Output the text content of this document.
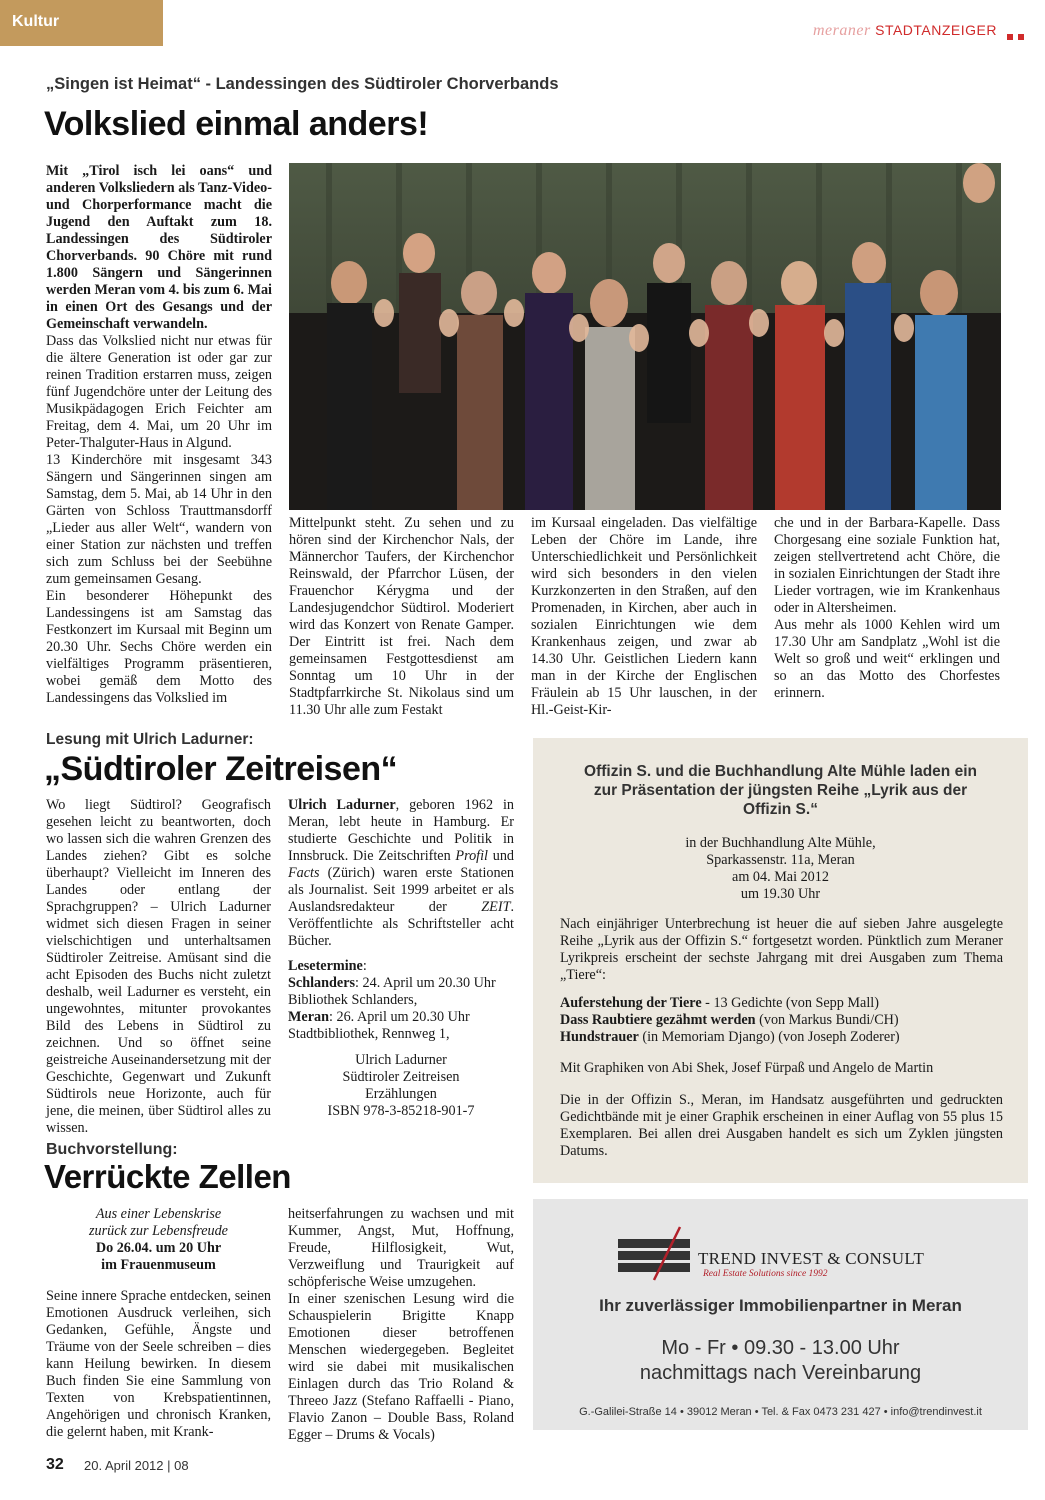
Kultur
meraner STADTANZEIGER
„Singen ist Heimat“ - Landessingen des Südtiroler Chorverbands
Volkslied einmal anders!

Mit „Tirol isch lei oans“ und anderen Volksliedern als Tanz-Video- und Chorperformance macht die Jugend den Auftakt zum 18. Landessingen des Südtiroler Chorverbands. 90 Chöre mit rund 1.800 Sängern und Sängerinnen werden Meran vom 4. bis zum 6. Mai in einen Ort des Gesangs und der Gemeinschaft verwandeln.

Dass das Volkslied nicht nur etwas für die ältere Generation ist oder gar zur reinen Tradition erstarren muss, zeigen fünf Jugendchöre unter der Leitung des Musikpädagogen Erich Feichter am Freitag, dem 4. Mai, um 20 Uhr im Peter-Thalguter-Haus in Algund.

13 Kinderchöre mit insgesamt 343 Sängern und Sängerinnen singen am Samstag, dem 5. Mai, ab 14 Uhr in den Gärten von Schloss Trauttmansdorff „Lieder aus aller Welt“, wandern von einer Station zur nächsten und treffen sich zum Schluss bei der Seebühne zum gemeinsamen Gesang.

Ein besonderer Höhepunkt des Landessingens ist am Samstag das Festkonzert im Kursaal mit Beginn um 20.30 Uhr. Sechs Chöre werden ein vielfältiges Programm präsentieren, wobei gemäß dem Motto des Landessingens das Volkslied im

Mittelpunkt steht. Zu sehen und zu hören sind der Kirchenchor Nals, der Männerchor Taufers, der Kirchenchor Reinswald, der Pfarrchor Lüsen, der Frauenchor Kérygma und der Landesjugendchor Südtirol. Moderiert wird das Konzert von Renate Gamper. Der Eintritt ist frei. Nach dem gemeinsamen Festgottesdienst am Sonntag um 10 Uhr in der Stadtpfarrkirche St. Nikolaus sind um 11.30 Uhr alle zum Festakt
im Kursaal eingeladen. Das vielfältige Leben der Chöre im Lande, ihre Unterschiedlichkeit und Persönlichkeit wird sich besonders in den vielen Kurzkonzerten in den Straßen, auf den Promenaden, in Kirchen, aber auch in sozialen Einrichtungen wie dem Krankenhaus zeigen, und zwar ab 14.30 Uhr. Geistlichen Liedern kann man in der Kirche der Englischen Fräulein ab 15 Uhr lauschen, in der Hl.-Geist-Kir-

che und in der Barbara-Kapelle. Dass Chorgesang eine soziale Funktion hat, zeigen stellvertretend acht Chöre, die in sozialen Einrichtungen der Stadt ihre Lieder vortragen, wie im Krankenhaus oder in Altersheimen.

Aus mehr als 1000 Kehlen wird um 17.30 Uhr am Sandplatz „Wohl ist die Welt so groß und weit“ erklingen und so an das Motto des Chorfestes erinnern.

Lesung mit Ulrich Ladurner:
„Südtiroler Zeitreisen“
Wo liegt Südtirol? Geografisch gesehen leicht zu beantworten, doch wo lassen sich die wahren Grenzen des Landes ziehen? Gibt es solche überhaupt? Vielleicht im Inneren des Landes oder entlang der Sprachgruppen? – Ulrich Ladurner widmet sich diesen Fragen in seiner vielschichtigen und unterhaltsamen Südtiroler Zeitreise. Amüsant sind die acht Episoden des Buchs nicht zuletzt deshalb, weil Ladurner es versteht, ein ungewohntes, mitunter provokantes Bild des Lebens in Südtirol zu zeichnen. Und so öffnet seine geistreiche Auseinandersetzung mit der Geschichte, Gegenwart und Zukunft Südtirols neue Horizonte, auch für jene, die meinen, über Südtirol alles zu wissen.

Ulrich Ladurner, geboren 1962 in Meran, lebt heute in Hamburg. Er studierte Geschichte und Politik in Innsbruck. Die Zeitschriften Profil und Facts (Zürich) waren erste Stationen als Journalist. Seit 1999 arbeitet er als Auslandsredakteur der ZEIT. Veröffentlichte als Schriftsteller acht Bücher.

Lesetermine:

Schlanders: 24. April um 20.30 Uhr Bibliothek Schlanders,

Meran: 26. April um 20.30 Uhr Stadtbibliothek, Rennweg 1,

Ulrich Ladurner

Südtiroler Zeitreisen

Erzählungen

ISBN 978-3-85218-901-7

Offizin S. und die Buchhandlung Alte Mühle laden ein zur Präsentation der jüngsten Reihe „Lyrik aus der Offizin S.“
in der Buchhandlung Alte Mühle,
Sparkassenstr. 11a, Meran
am 04. Mai 2012
um 19.30 Uhr
Nach einjähriger Unterbrechung ist heuer die auf sieben Jahre ausgelegte Reihe „Lyrik aus der Offizin S.“ fortgesetzt worden. Pünktlich zum Meraner Lyrikpreis erscheint der sechste Jahrgang mit drei Ausgaben zum Thema „Tiere“:

Auferstehung der Tiere - 13 Gedichte (von Sepp Mall)

Dass Raubtiere gezähmt werden (von Markus Bundi/CH)

Hundstrauer (in Memoriam Django) (von Joseph Zoderer)

Mit Graphiken von Abi Shek, Josef Fürpaß und Angelo de Martin
Die in der Offizin S., Meran, im Handsatz ausgeführten und gedruckten Gedichtbände mit je einer Graphik erscheinen in einer Auflag von 55 plus 15 Exemplaren. Bei allen drei Ausgaben handelt es sich um Zyklen jüngsten Datums.
Buchvorstellung:
Verrückte Zellen

Aus einer Lebenskrise

zurück zur Lebensfreude

Do 26.04. um 20 Uhr

im Frauenmuseum

Seine innere Sprache entdecken, seinen Emotionen Ausdruck verleihen, sich Gedanken, Gefühle, Ängste und Träume von der Seele schreiben – dies kann Heilung bewirken. In diesem Buch finden Sie eine Sammlung von Texten von Krebspatientinnen, Angehörigen und chronisch Kranken, die gelernt haben, mit Krank-

heitserfahrungen zu wachsen und mit Kummer, Angst, Mut, Hoffnung, Freude, Hilflosigkeit, Wut, Verzweiflung und Traurigkeit auf schöpferische Weise umzugehen.

In einer szenischen Lesung wird die Schauspielerin Brigitte Knapp Emotionen dieser betroffenen Menschen wiedergegeben. Begleitet wird sie dabei mit musikalischen Einlagen durch das Trio Roland & Threeo Jazz (Stefano Raffaelli - Piano, Flavio Zanon – Double Bass, Roland Egger – Drums & Vocals)

TREND INVEST & CONSULT
Real Estate Solutions since 1992
Ihr zuverlässiger Immobilienpartner in Meran
Mo - Fr • 09.30 - 13.00 Uhr
nachmittags nach Vereinbarung
G.-Galilei-Straße 14 • 39012 Meran • Tel. & Fax 0473 231 427 • info@trendinvest.it
32 20. April 2012 | 08
